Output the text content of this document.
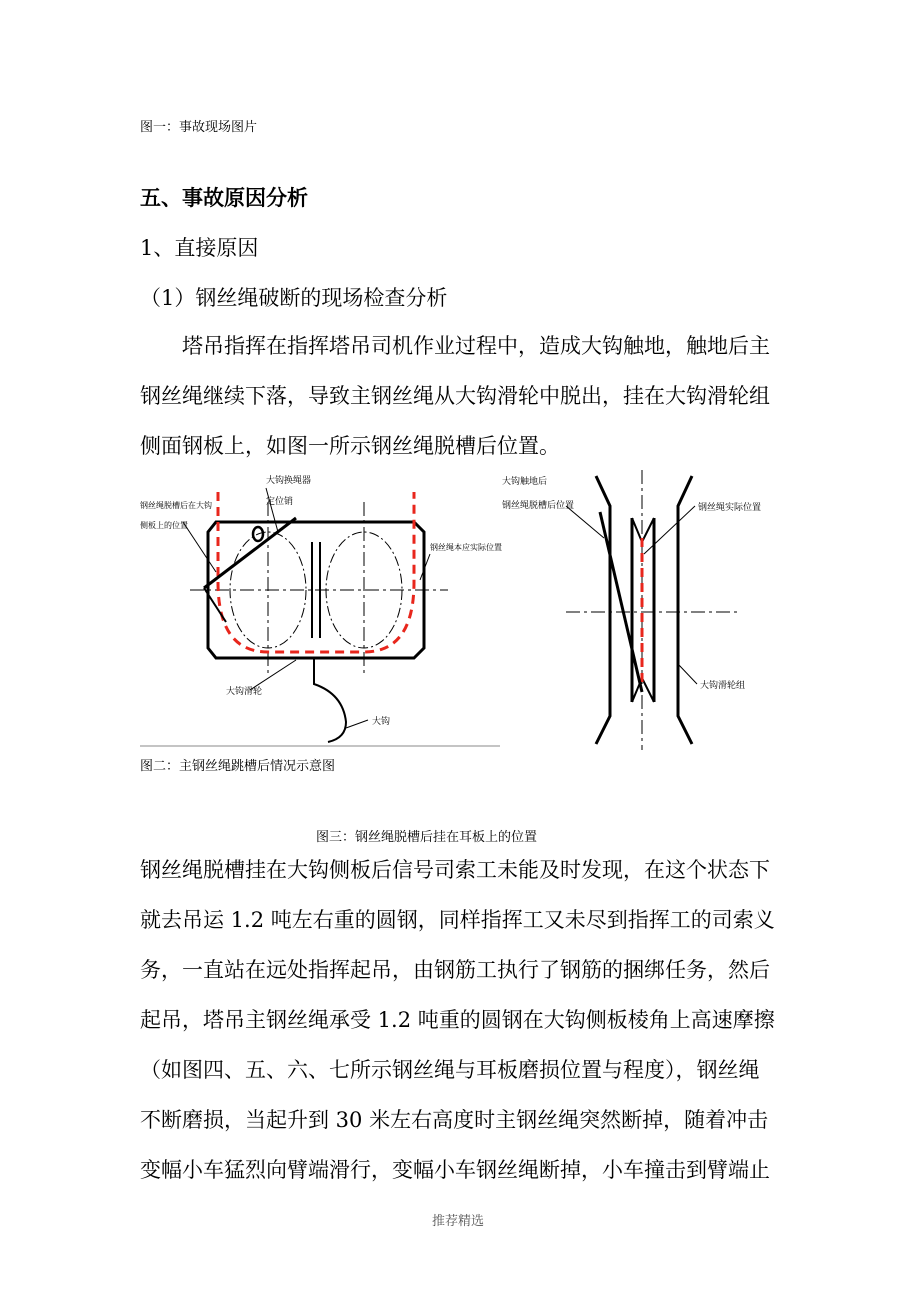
图一：事故现场图片
五、事故原因分析
1、直接原因
（1）钢丝绳破断的现场检查分析
塔吊指挥在指挥塔吊司机作业过程中，造成大钩触地，触地后主
钢丝绳继续下落，导致主钢丝绳从大钩滑轮中脱出，挂在大钩滑轮组
侧面钢板上，如图一所示钢丝绳脱槽后位置。
大钩换绳器
定位销
钢丝绳脱槽后在大钩
侧板上的位置
钢丝绳本应实际位置
大钩滑轮
大钩
大钩触地后
钢丝绳脱槽后位置	钢丝绳实际位置
大钩滑轮组
图二：主钢丝绳跳槽后情况示意图
图三：钢丝绳脱槽后挂在耳板上的位置
钢丝绳脱槽挂在大钩侧板后信号司索工未能及时发现，在这个状态下
就去吊运 1.2 吨左右重的圆钢，同样指挥工又未尽到指挥工的司索义
务，一直站在远处指挥起吊，由钢筋工执行了钢筋的捆绑任务，然后
起吊，塔吊主钢丝绳承受 1.2 吨重的圆钢在大钩侧板棱角上高速摩擦
（如图四、五、六、七所示钢丝绳与耳板磨损位置与程度），钢丝绳
不断磨损，当起升到 30 米左右高度时主钢丝绳突然断掉，随着冲击
变幅小车猛烈向臂端滑行，变幅小车钢丝绳断掉，小车撞击到臂端止
推荐精选
